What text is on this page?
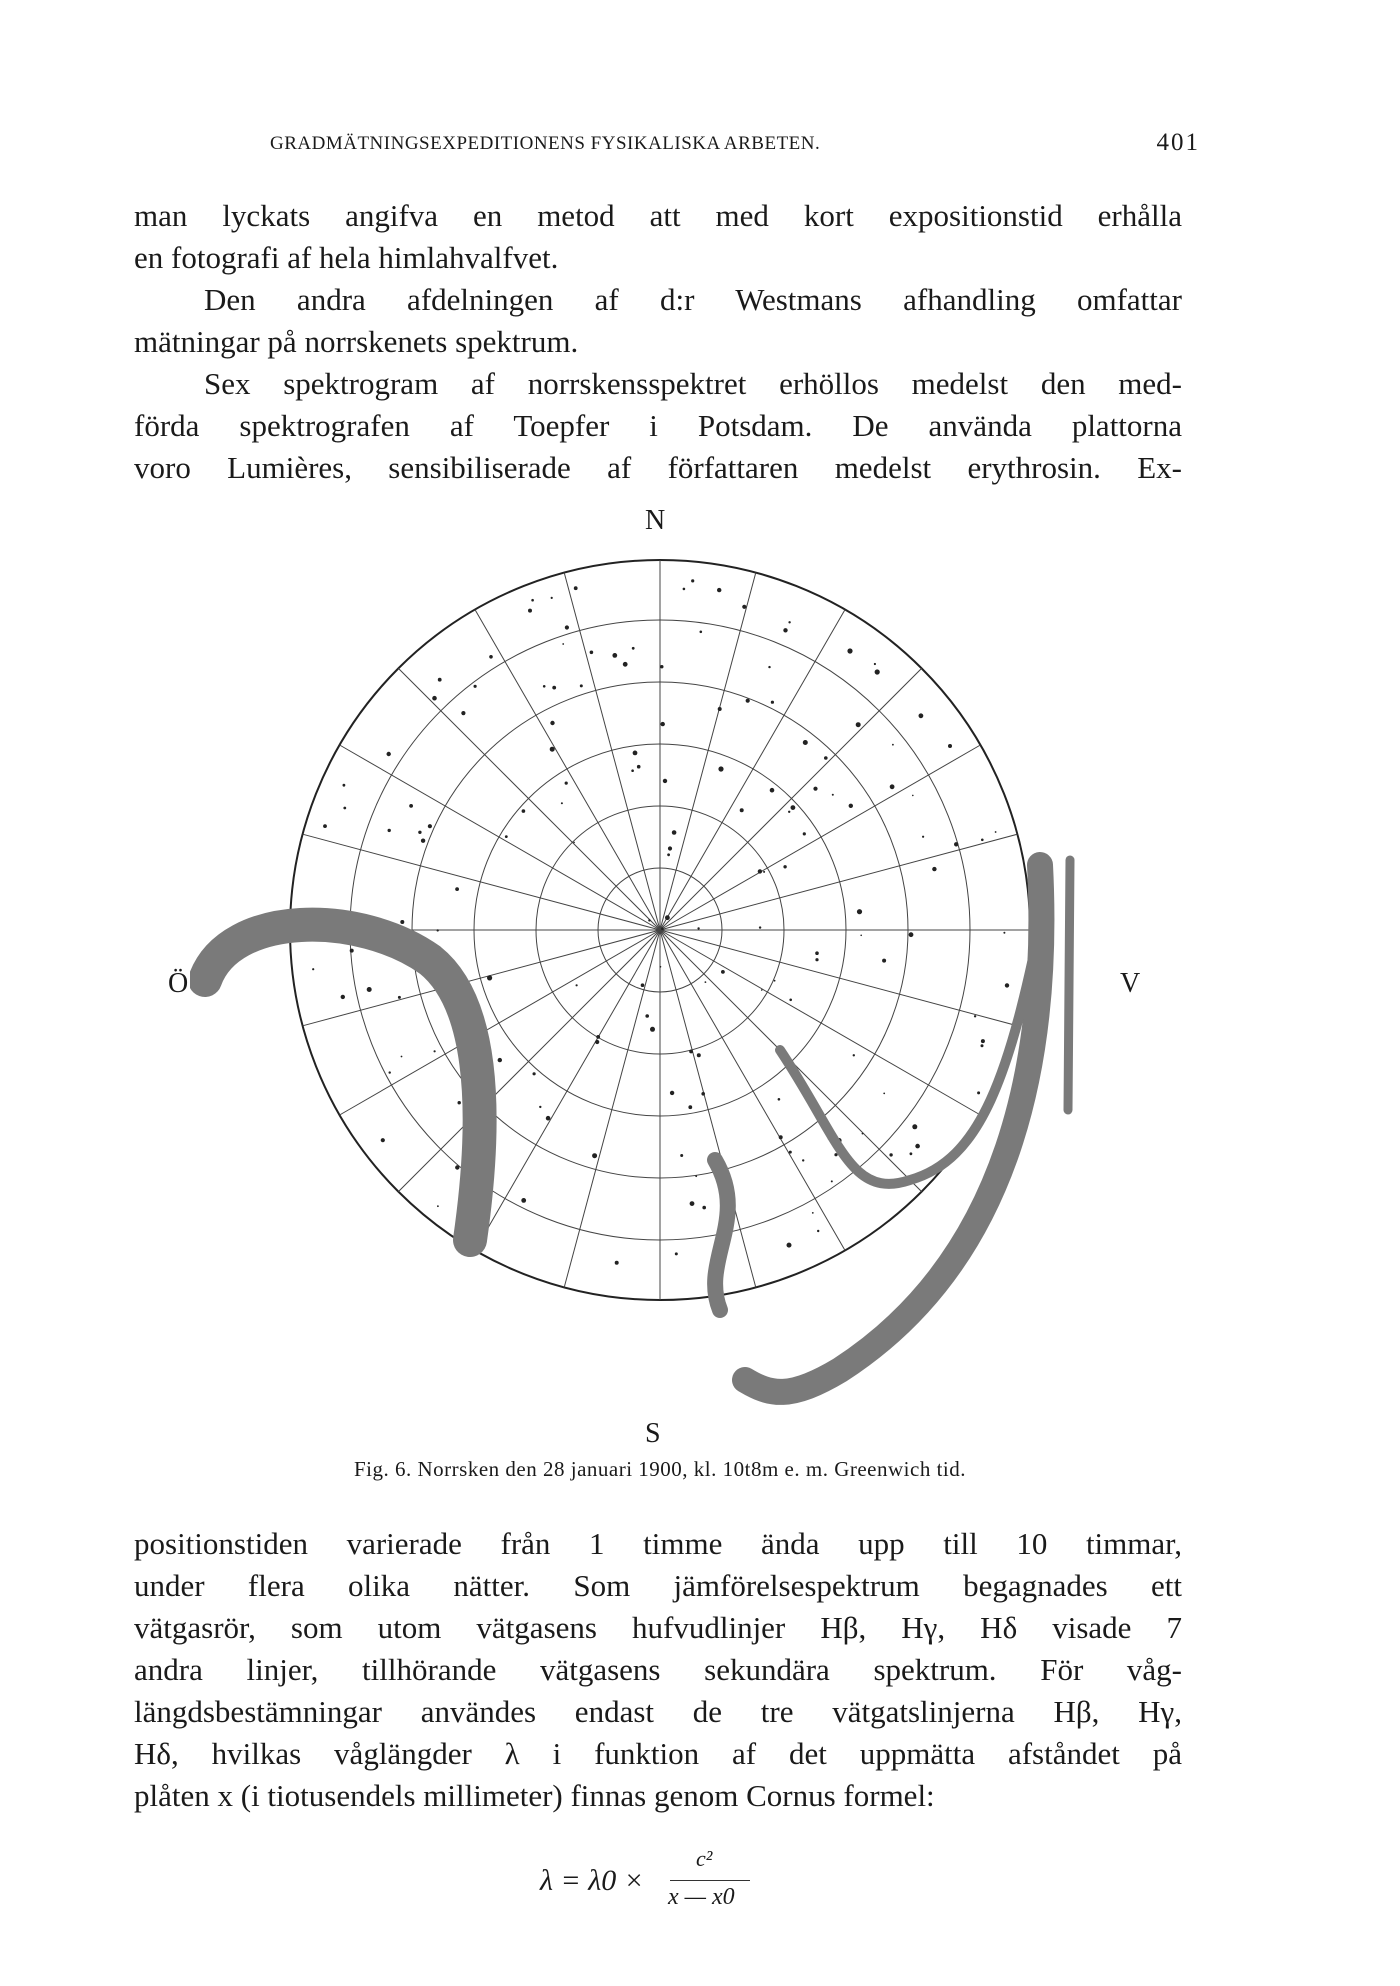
GRADMÄTNINGSEXPEDITIONENS FYSIKALISKA ARBETEN.	401
man lyckats angifva en metod att med kort expositionstid erhålla
en fotografi af hela himlahvalfvet.
Den andra afdelningen af d:r Westmans afhandling omfattar
mätningar på norrskenets spektrum.
Sex spektrogram af norrskensspektret erhöllos medelst den med-
förda spektrografen af Toepfer i Potsdam. De använda plattorna
voro Lumières, sensibiliserade af författaren medelst erythrosin. Ex-
N
S
Ö	V
Fig. 6. Norrsken den 28 januari 1900, kl. 10t8m e. m. Greenwich tid.
positionstiden varierade från 1 timme ända upp till 10 timmar,
under flera olika nätter. Som jämförelsespektrum begagnades ett
vätgasrör, som utom vätgasens hufvudlinjer Hβ, Hγ, Hδ visade 7
andra linjer, tillhörande vätgasens sekundära spektrum. För våg-
längdsbestämningar användes endast de tre vätgatslinjerna Hβ, Hγ,
Hδ, hvilkas våglängder λ i funktion af det uppmätta afståndet på
plåten x (i tiotusendels millimeter) finnas genom Cornus formel:
λ = λ0 ×
c²
x — x0
